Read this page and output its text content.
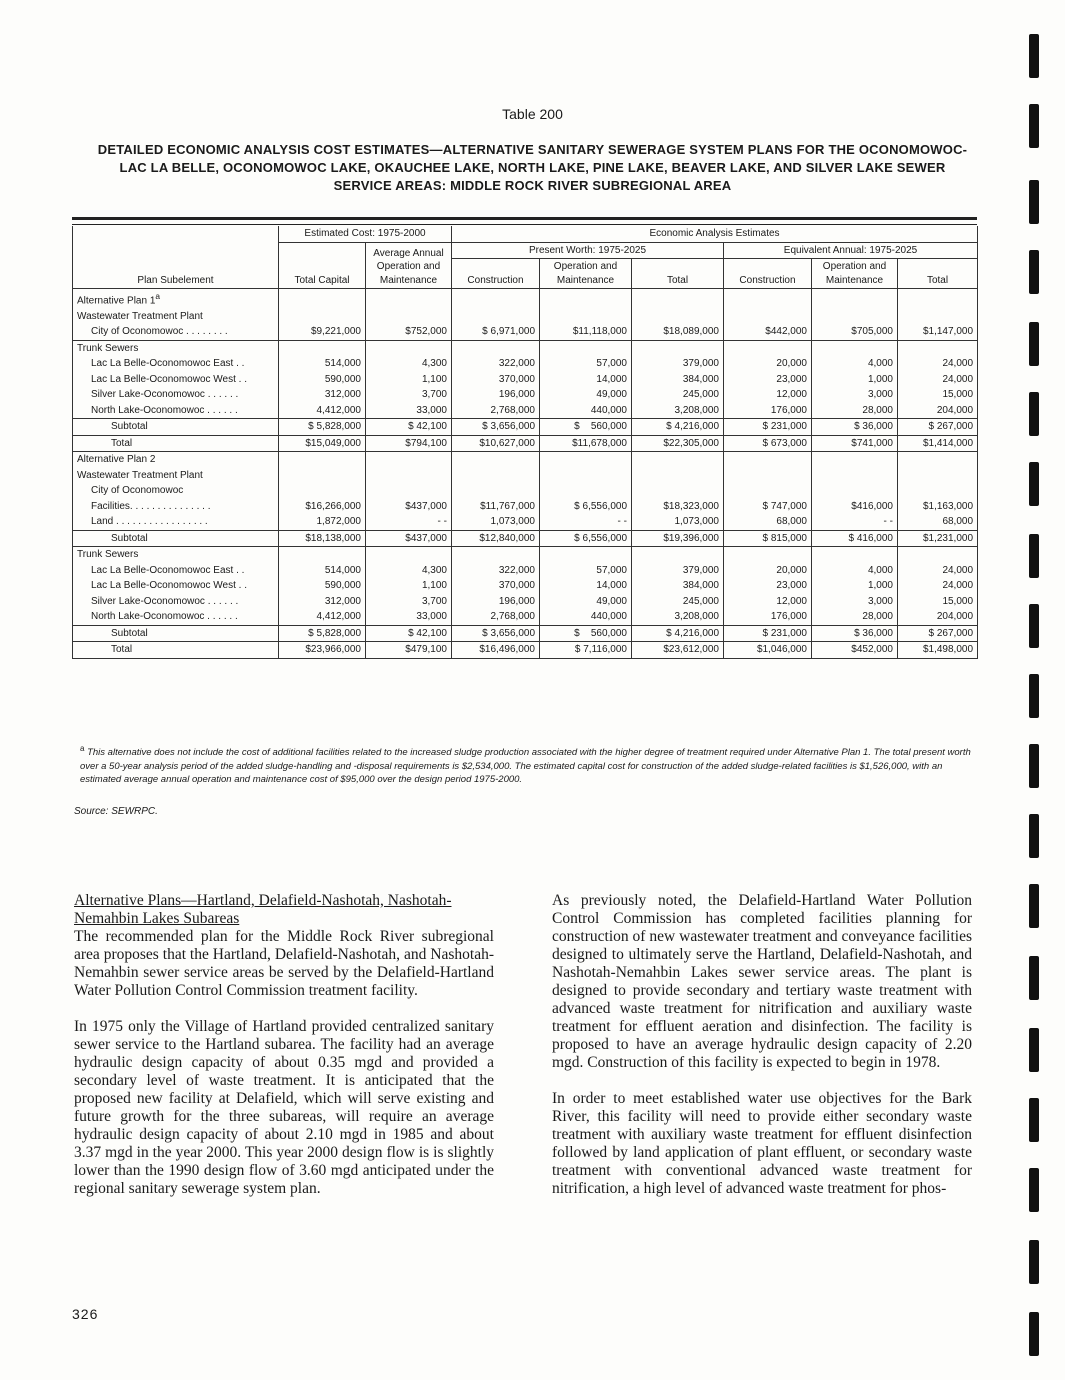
Table 200
DETAILED ECONOMIC ANALYSIS COST ESTIMATES—ALTERNATIVE SANITARY SEWERAGE SYSTEM PLANS FOR THE OCONOMOWOC-LAC LA BELLE, OCONOMOWOC LAKE, OKAUCHEE LAKE, NORTH LAKE, PINE LAKE, BEAVER LAKE, AND SILVER LAKE SEWER SERVICE AREAS: MIDDLE ROCK RIVER SUBREGIONAL AREA
Plan Subelement	Estimated Cost: 1975-2000		Economic Analysis Estimates					
	Total Capital	Average Annual Operation and Maintenance	Present Worth: 1975-2025			Equivalent Annual: 1975-2025		
			Construction	Operation and Maintenance	Total	Construction	Operation and Maintenance	Total
Alternative Plan 1$^a$								
Wastewater Treatment Plant								
City of Oconomowoc . . . . . . . .	$9,221,000	$752,000	$ 6,971,000	$11,118,000	$18,089,000	$442,000	$705,000	$1,147,000
Trunk Sewers								
Lac La Belle-Oconomowoc East . .	514,000	4,300	322,000	57,000	379,000	20,000	4,000	24,000
Lac La Belle-Oconomowoc West . .	590,000	1,100	370,000	14,000	384,000	23,000	1,000	24,000
Silver Lake-Oconomowoc . . . . . .	312,000	3,700	196,000	49,000	245,000	12,000	3,000	15,000
North Lake-Oconomowoc . . . . . .	4,412,000	33,000	2,768,000	440,000	3,208,000	176,000	28,000	204,000
Subtotal	$ 5,828,000	$ 42,100	$ 3,656,000	$    560,000	$ 4,216,000	$ 231,000	$ 36,000	$ 267,000
Total	$15,049,000	$794,100	$10,627,000	$11,678,000	$22,305,000	$ 673,000	$741,000	$1,414,000
Alternative Plan 2								
Wastewater Treatment Plant								
City of Oconomowoc								
Facilities. . . . . . . . . . . . . . .	$16,266,000	$437,000	$11,767,000	$ 6,556,000	$18,323,000	$ 747,000	$416,000	$1,163,000
Land . . . . . . . . . . . . . . . . .	1,872,000	- -	1,073,000	- -	1,073,000	68,000	- -	68,000
Subtotal	$18,138,000	$437,000	$12,840,000	$ 6,556,000	$19,396,000	$ 815,000	$ 416,000	$1,231,000
Trunk Sewers								
Lac La Belle-Oconomowoc East . .	514,000	4,300	322,000	57,000	379,000	20,000	4,000	24,000
Lac La Belle-Oconomowoc West . .	590,000	1,100	370,000	14,000	384,000	23,000	1,000	24,000
Silver Lake-Oconomowoc . . . . . .	312,000	3,700	196,000	49,000	245,000	12,000	3,000	15,000
North Lake-Oconomowoc . . . . . .	4,412,000	33,000	2,768,000	440,000	3,208,000	176,000	28,000	204,000
Subtotal	$ 5,828,000	$ 42,100	$ 3,656,000	$    560,000	$ 4,216,000	$ 231,000	$ 36,000	$ 267,000
Total	$23,966,000	$479,100	$16,496,000	$ 7,116,000	$23,612,000	$1,046,000	$452,000	$1,498,000
$^a$ This alternative does not include the cost of additional facilities related to the increased sludge production associated with the higher degree of treatment required under Alternative Plan 1. The total present worth over a 50-year analysis period of the added sludge-handling and -disposal requirements is $2,534,000. The estimated capital cost for construction of the added sludge-related facilities is $1,526,000, with an estimated average annual operation and maintenance cost of $95,000 over the design period 1975-2000.
Source: SEWRPC.
Alternative Plans—Hartland, Delafield-Nashotah, Nashotah-Nemahbin Lakes Subareas

The recommended plan for the Middle Rock River subregional area proposes that the Hartland, Delafield-Nashotah, and Nashotah-Nemahbin sewer service areas be served by the Delafield-Hartland Water Pollution Control Commission treatment facility.

In 1975 only the Village of Hartland provided centralized sanitary sewer service to the Hartland subarea. The facility had an average hydraulic design capacity of about 0.35 mgd and provided a secondary level of waste treatment. It is anticipated that the proposed new facility at Delafield, which will serve existing and future growth for the three subareas, will require an average hydraulic design capacity of about 2.10 mgd in 1985 and about 3.37 mgd in the year 2000. This year 2000 design flow is is slightly lower than the 1990 design flow of 3.60 mgd anticipated under the regional sanitary sewerage system plan.

As previously noted, the Delafield-Hartland Water Pollution Control Commission has completed facilities planning for construction of new wastewater treatment and conveyance facilities designed to ultimately serve the Hartland, Delafield-Nashotah, and Nashotah-Nemahbin Lakes sewer service areas. The plant is designed to provide secondary and tertiary waste treatment with advanced waste treatment for nitrification and auxiliary waste treatment for effluent aeration and disinfection. The facility is proposed to have an average hydraulic design capacity of 2.20 mgd. Construction of this facility is expected to begin in 1978.

In order to meet established water use objectives for the Bark River, this facility will need to provide either secondary waste treatment with auxiliary waste treatment for effluent disinfection followed by land application of plant effluent, or secondary waste treatment with conventional advanced waste treatment for nitrification, a high level of advanced waste treatment for phos-

326
